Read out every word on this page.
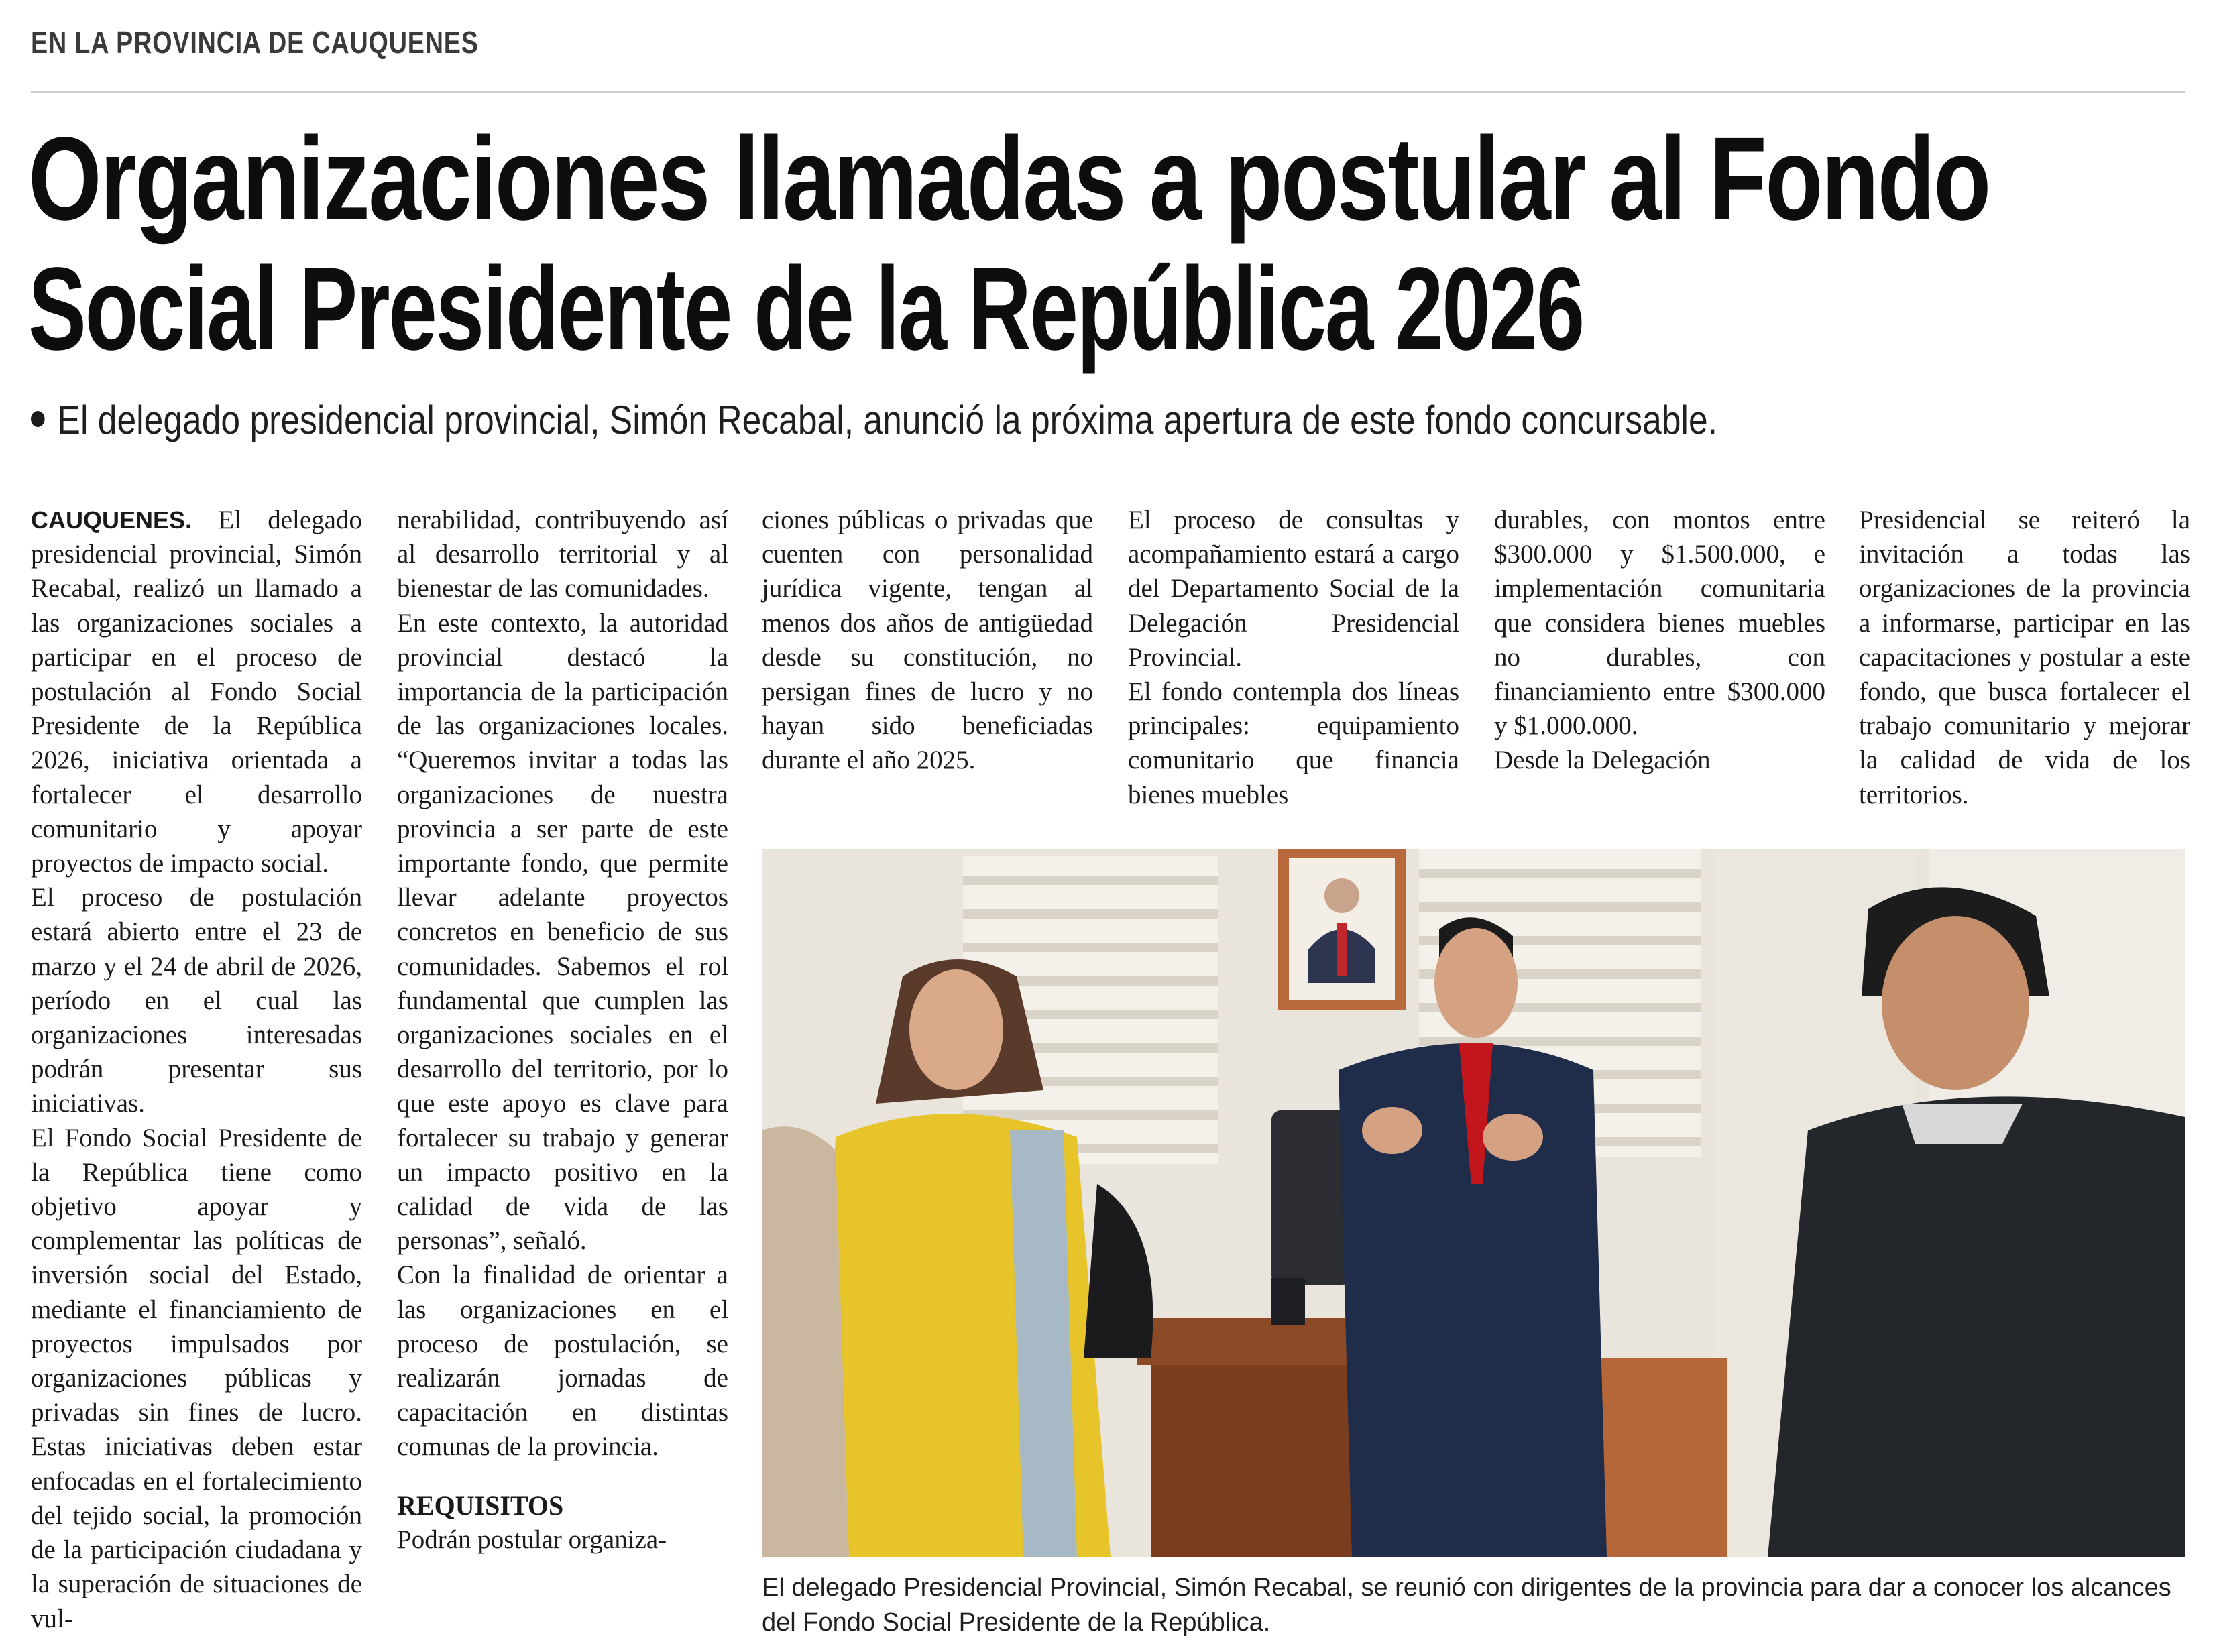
EN LA PROVINCIA DE CAUQUENES
Organizaciones llamadas a postular al Fondo
Social Presidente de la República 2026
El delegado presidencial provincial, Simón Recabal, anunció la próxima apertura de este fondo concursable.

CAUQUENES. El delegado presidencial provincial, Simón Recabal, realizó un llamado a las organizaciones sociales a participar en el proceso de postulación al Fondo Social Presidente de la República 2026, iniciativa orientada a fortalecer el desarrollo comunitario y apoyar proyectos de impacto social.

El proceso de postulación estará abierto entre el 23 de marzo y el 24 de abril de 2026, período en el cual las organizaciones interesadas podrán presentar sus iniciativas.

El Fondo Social Presidente de la República tiene como objetivo apoyar y complementar las políticas de inversión social del Estado, mediante el financiamiento de proyectos impulsados por organizaciones públicas y privadas sin fines de lucro. Estas iniciativas deben estar enfocadas en el fortalecimiento del tejido social, la promoción de la participación ciudadana y la superación de situaciones de vul-

nerabilidad, contribuyendo así al desarrollo territorial y al bienestar de las comunidades.

En este contexto, la autoridad provincial destacó la importancia de la participación de las organizaciones locales. “Queremos invitar a todas las organizaciones de nuestra provincia a ser parte de este importante fondo, que permite llevar adelante proyectos concretos en beneficio de sus comunidades. Sabemos el rol fundamental que cumplen las organizaciones sociales en el desarrollo del territorio, por lo que este apoyo es clave para fortalecer su trabajo y generar un impacto positivo en la calidad de vida de las personas”, señaló.

Con la finalidad de orientar a las organizaciones en el proceso de postulación, se realizarán jornadas de capacitación en distintas comunas de la provincia.

REQUISITOS

Podrán postular organiza-

ciones públicas o privadas que cuenten con personalidad jurídica vigente, tengan al menos dos años de antigüedad desde su constitución, no persigan fines de lucro y no hayan sido beneficiadas durante el año 2025.

El proceso de consultas y acompañamiento estará a cargo del Departamento Social de la Delegación Presidencial Provincial.

El fondo contempla dos líneas principales: equipamiento comunitario que financia bienes muebles

durables, con montos entre $300.000 y $1.500.000, e implementación comunitaria que considera bienes muebles no durables, con financiamiento entre $300.000 y $1.000.000.

Desde la Delegación

Presidencial se reiteró la invitación a todas las organizaciones de la provincia a informarse, participar en las capacitaciones y postular a este fondo, que busca fortalecer el trabajo comunitario y mejorar la calidad de vida de los territorios.

El delegado Presidencial Provincial, Simón Recabal, se reunió con dirigentes de la provincia para dar a conocer los alcances del Fondo Social Presidente de la República.
